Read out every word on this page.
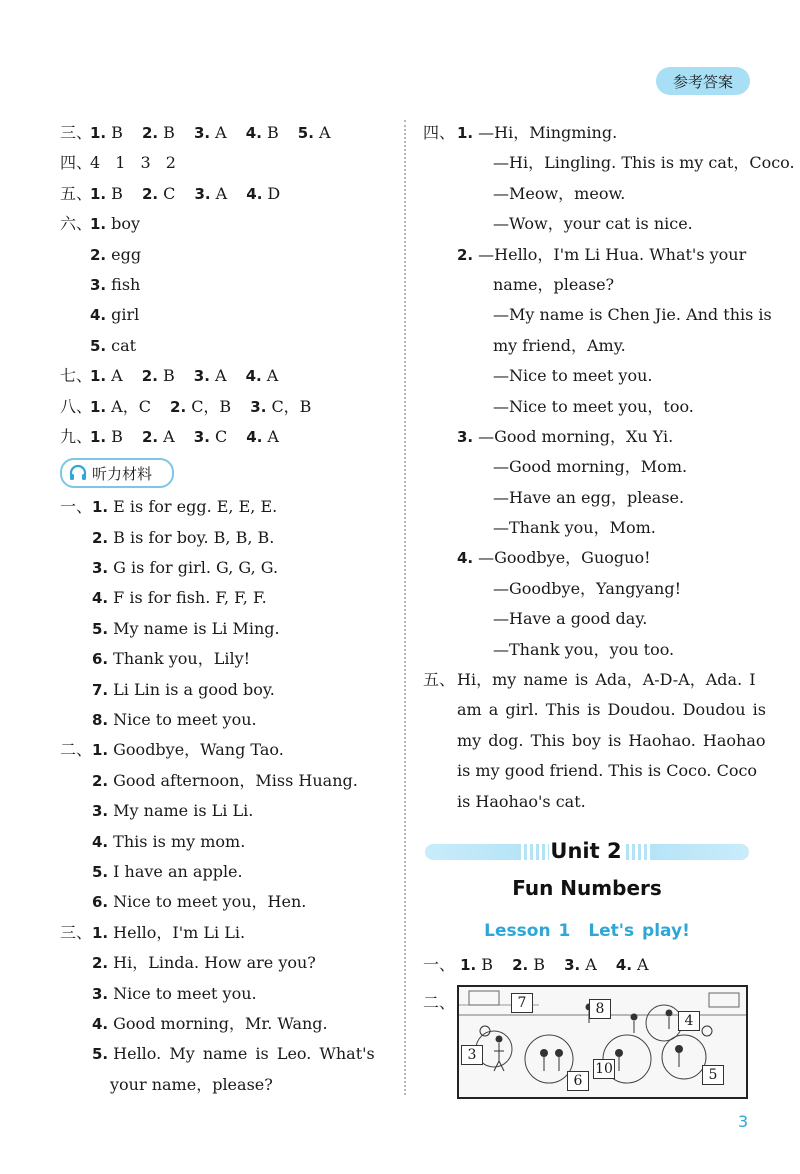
参考答案
三、
1. B 2. B 3. A 4. B 5. A
四、
4 1 3 2
五、
1. B 2. C 3. A 4. D
六、
1. boy
2. egg
3. fish
4. girl
5. cat
七、
1. A 2. B 3. A 4. A
八、
1. A，C 2. C，B 3. C，B
九、
1. B 2. A 3. C 4. A
听力材料
一、 1. E is for egg. E, E, E.
2. B is for boy. B, B, B.
3. G is for girl. G, G, G.
4. F is for fish. F, F, F.
5. My name is Li Ming.
6. Thank you，Lily!
7. Li Lin is a good boy.
8. Nice to meet you.
二、 1. Goodbye，Wang Tao.
2. Good afternoon，Miss Huang.
3. My name is Li Li.
4. This is my mom.
5. I have an apple.
6. Nice to meet you，Hen.
三、 1. Hello，I'm Li Li.
2. Hi，Linda. How are you?
3. Nice to meet you.
4. Good morning，Mr. Wang.
5. Hello. My name is Leo. What's
your name，please?
四、 1. —Hi，Mingming.
—Hi，Lingling. This is my cat，Coco.
—Meow，meow.
—Wow，your cat is nice.
2. —Hello，I'm Li Hua. What's your
name，please?
—My name is Chen Jie. And this is
my friend，Amy.
—Nice to meet you.
—Nice to meet you，too.
3. —Good morning，Xu Yi.
—Good morning，Mom.
—Have an egg，please.
—Thank you，Mom.
4. —Goodbye，Guoguo!
—Goodbye，Yangyang!
—Have a good day.
—Thank you，you too.
五、 Hi，my name is Ada，A-D-A，Ada. I
am a girl. This is Doudou. Doudou is
my dog. This boy is Haohao. Haohao
is my good friend. This is Coco. Coco
is Haohao's cat.
Unit 2
Fun Numbers
Lesson 1 Let's play!
一、 1. B 2. B 3. A 4. A
二、	7	8
4
3
6
10	5
3
